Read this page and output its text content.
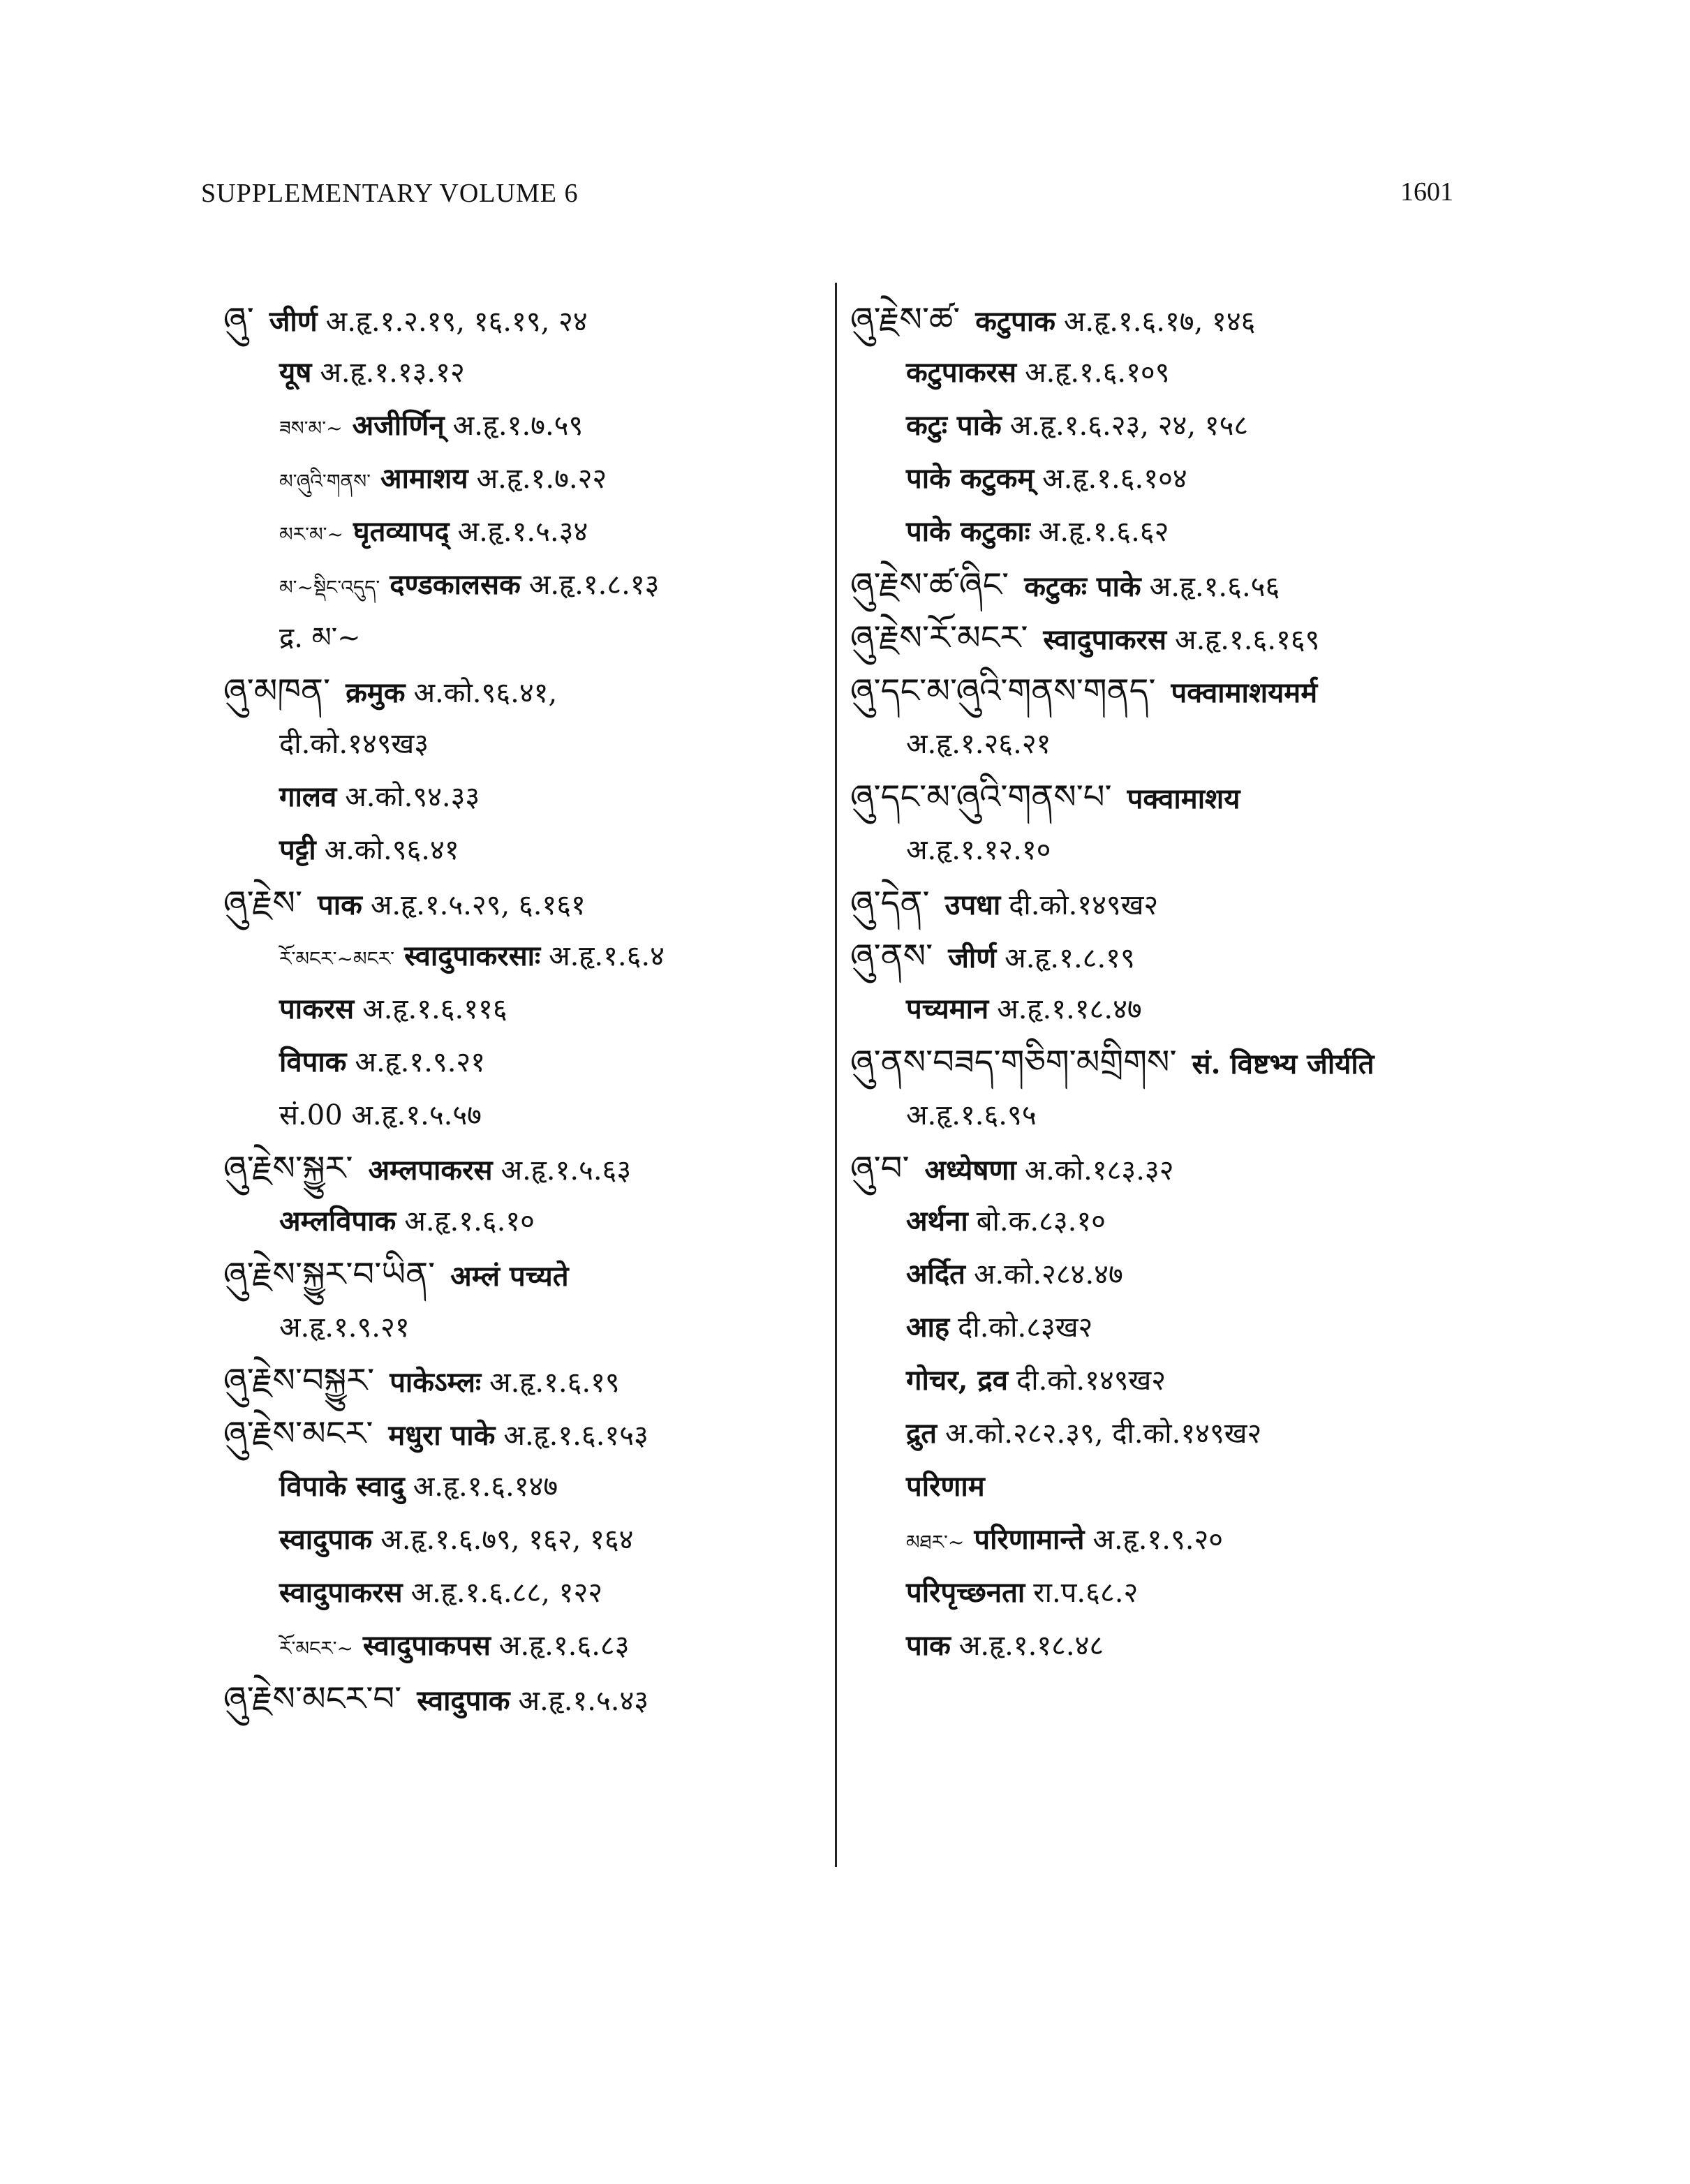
SUPPLEMENTARY VOLUME 6	1601
ཞུ་ जीर्ण अ.हृ.१.२.१९, १६.१९, २४
यूष अ.हृ.१.१३.१२
ཟས་མ་~ अजीर्णिन् अ.हृ.१.७.५९
མ་ཞུའི་གནས་ आमाशय अ.हृ.१.७.२२
མར་མ་~ घृतव्यापद् अ.हृ.१.५.३४
མ་~སྡིང་འདུད་ दण्डकालसक अ.हृ.१.८.१३
द्र. མ་~
ཞུ་མཁན་ क्रमुक अ.को.९६.४१,
दी.को.१४९ख३
गालव अ.को.९४.३३
पट्टी अ.को.९६.४१
ཞུ་རྗེས་ पाक अ.हृ.१.५.२९, ६.१६१
རོ་མངར་~མངར་ स्वादुपाकरसाः अ.हृ.१.६.४
पाकरस अ.हृ.१.६.११६
विपाक अ.हृ.१.९.२१
सं.00 अ.हृ.१.५.५७
ཞུ་རྗེས་སྐྱུར་ अम्लपाकरस अ.हृ.१.५.६३
अम्लविपाक अ.हृ.१.६.१०
ཞུ་རྗེས་སྐྱུར་བ་ཡིན་ अम्लं पच्यते
अ.हृ.१.९.२१
ཞུ་རྗེས་བསྐྱུར་ पाकेऽम्लः अ.हृ.१.६.१९
ཞུ་རྗེས་མངར་ मधुरा पाके अ.हृ.१.६.१५३
विपाके स्वादु अ.हृ.१.६.१४७
स्वादुपाक अ.हृ.१.६.७९, १६२, १६४
स्वादुपाकरस अ.हृ.१.६.८८, १२२
རོ་མངར་~ स्वादुपाकपस अ.हृ.१.६.८३
ཞུ་རྗེས་མངར་བ་ स्वादुपाक अ.हृ.१.५.४३
ཞུ་རྗེས་ཚ་ कटुपाक अ.हृ.१.६.१७, १४६
कटुपाकरस अ.हृ.१.६.१०९
कटुः पाके अ.हृ.१.६.२३, २४, १५८
पाके कटुकम् अ.हृ.१.६.१०४
पाके कटुकाः अ.हृ.१.६.६२
ཞུ་རྗེས་ཚ་ཞིང་ कटुकः पाके अ.हृ.१.६.५६
ཞུ་རྗེས་རོ་མངར་ स्वादुपाकरस अ.हृ.१.६.१६९
ཞུ་དང་མ་ཞུའི་གནས་གནད་ पक्वामाशयमर्म
अ.हृ.१.२६.२१
ཞུ་དང་མ་ཞུའི་གནས་པ་ पक्वामाशय
अ.हृ.१.१२.१०
ཞུ་དེན་ उपधा दी.को.१४९ख२
ཞུ་ནས་ जीर्ण अ.हृ.१.८.१९
पच्यमान अ.हृ.१.१८.४७
ཞུ་ནས་བཟད་གཅིག་མགྲིགས་ सं. विष्टभ्य जीर्यति
अ.हृ.१.६.९५
ཞུ་བ་ अध्येषणा अ.को.१८३.३२
अर्थना बो.क.८३.१०
अर्दित अ.को.२८४.४७
आह दी.को.८३ख२
गोचर, द्रव दी.को.१४९ख२
द्रुत अ.को.२८२.३९, दी.को.१४९ख२
परिणाम
མཐར་~ परिणामान्ते अ.हृ.१.९.२०
परिपृच्छनता रा.प.६८.२
पाक अ.हृ.१.१८.४८
